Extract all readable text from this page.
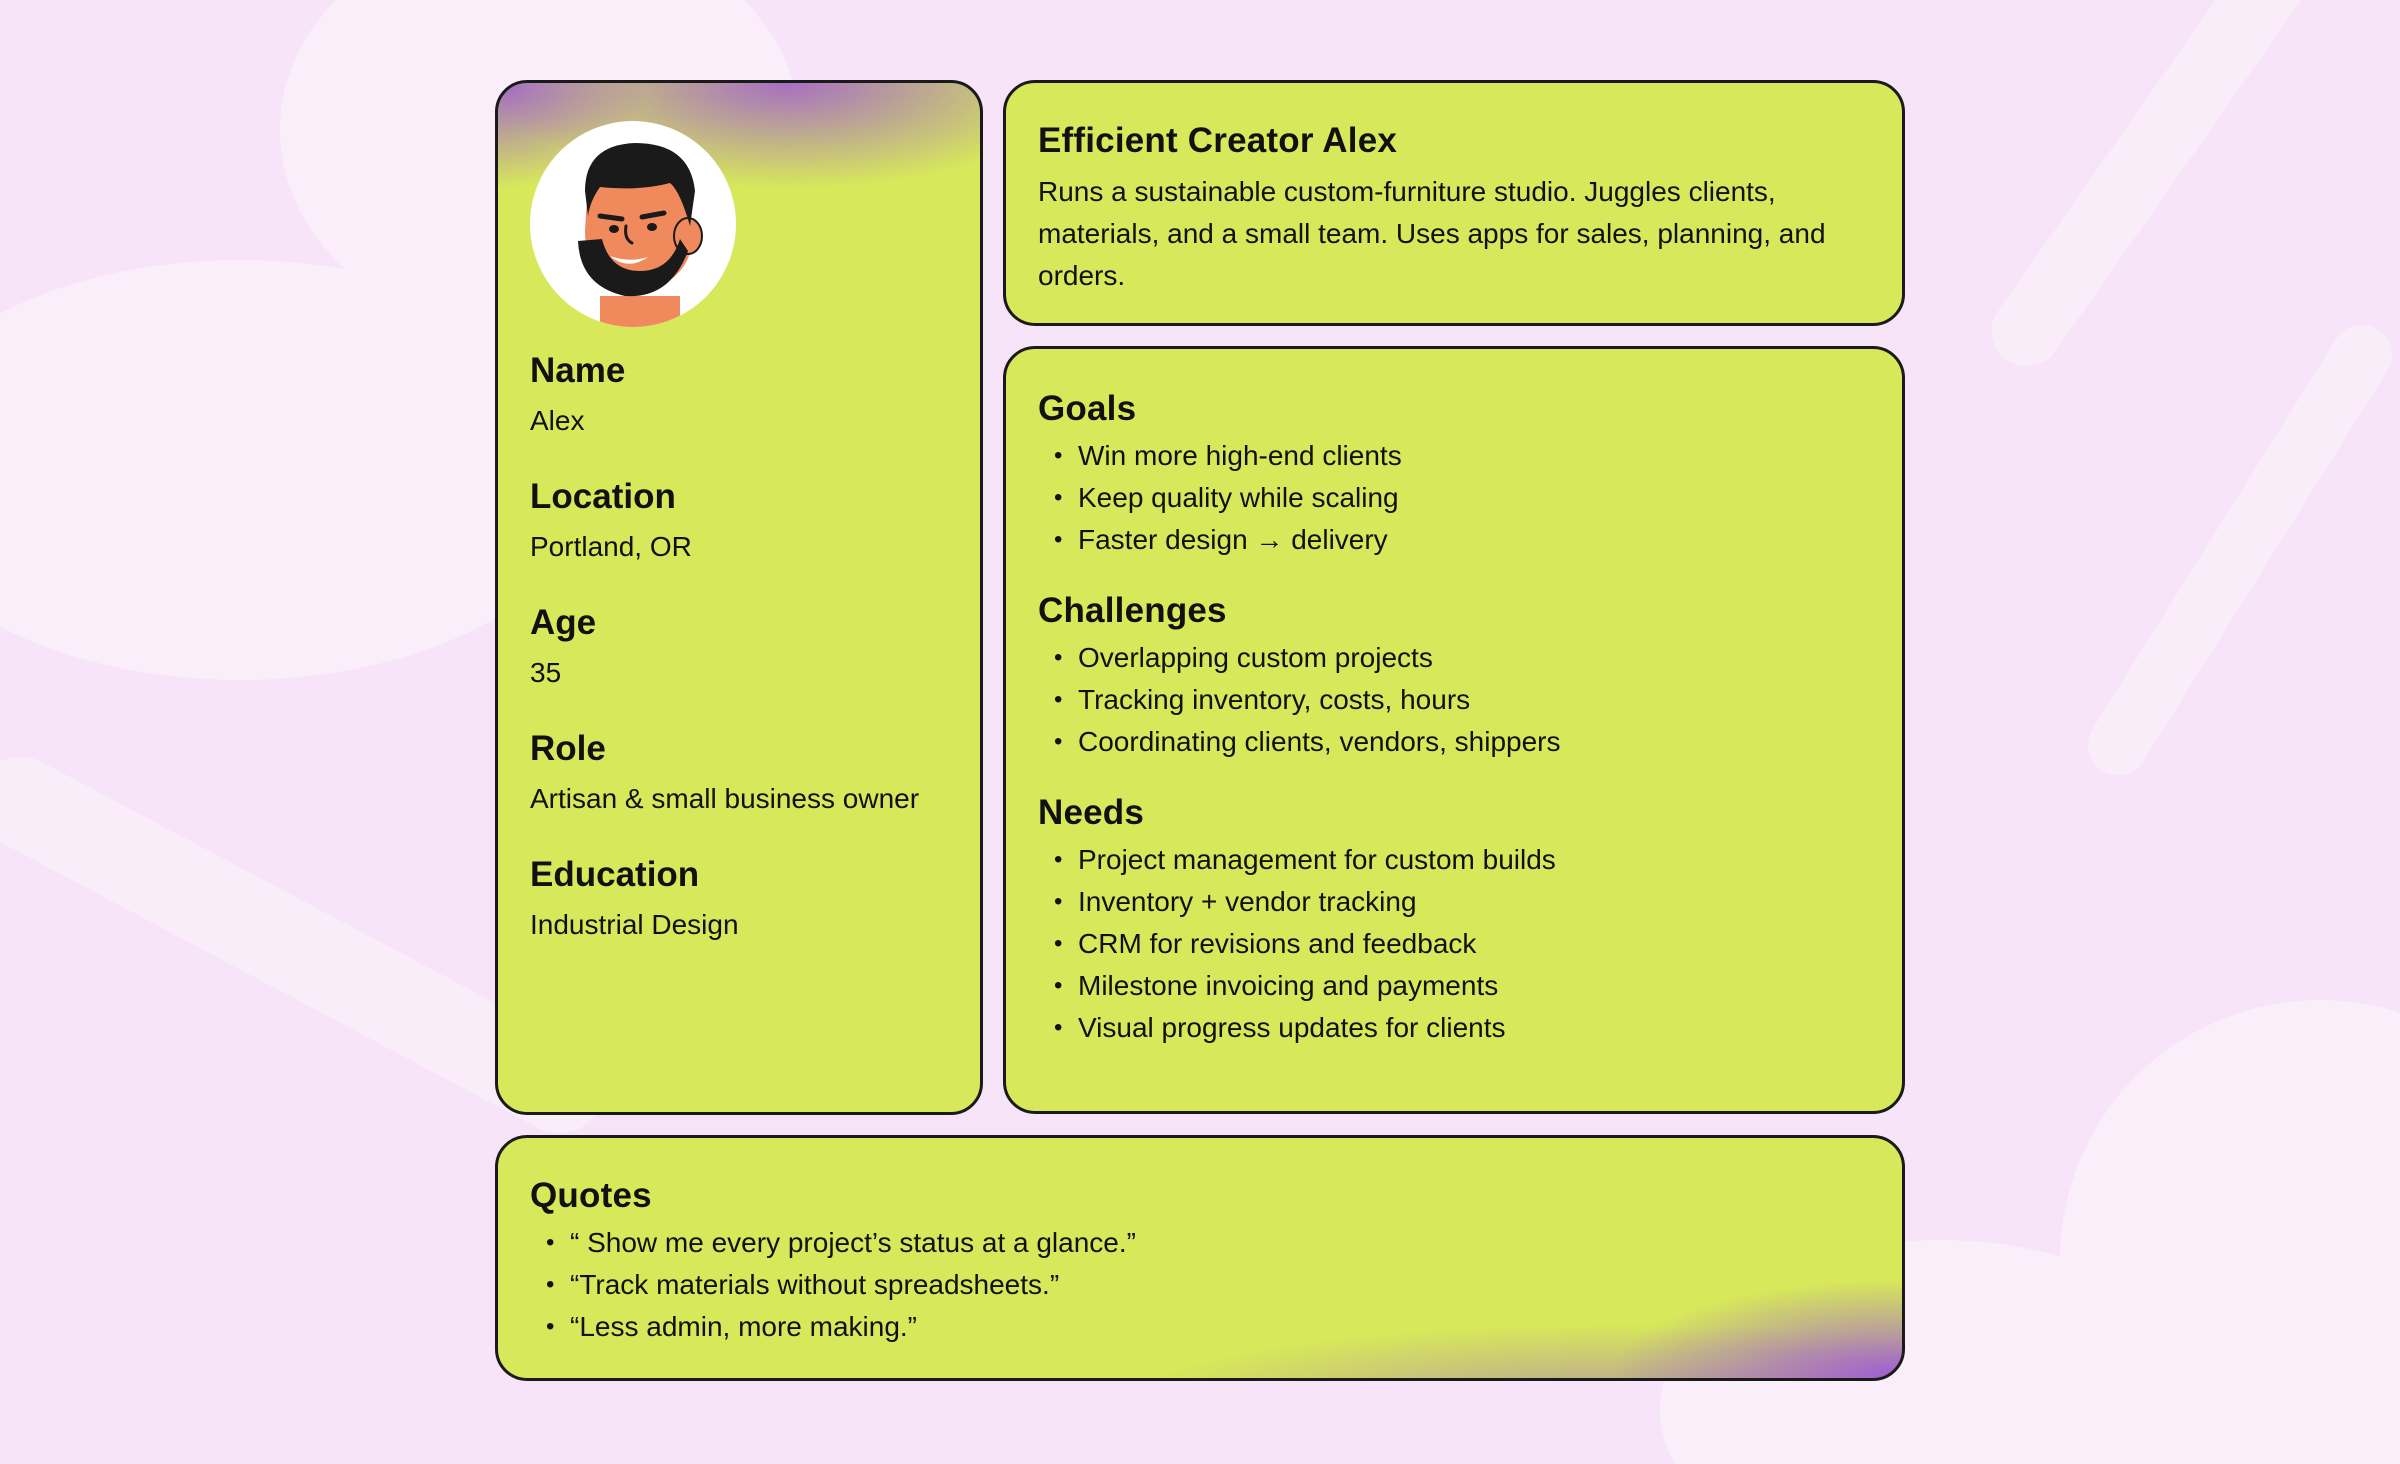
Name
Alex
Location
Portland, OR
Age
35
Role
Artisan & small business owner
Education
Industrial Design
Efficient Creator Alex

Runs a sustainable custom-furniture studio. Juggles clients, materials, and a small team. Uses apps for sales, planning, and orders.

Goals
• Win more high-end clients
• Keep quality while scaling
• Faster design → delivery
Challenges
• Overlapping custom projects
• Tracking inventory, costs, hours
• Coordinating clients, vendors, shippers
Needs
• Project management for custom builds
• Inventory + vendor tracking
• CRM for revisions and feedback
• Milestone invoicing and payments
• Visual progress updates for clients
Quotes
• “ Show me every project’s status at a glance.”
• “Track materials without spreadsheets.”
• “Less admin, more making.”
